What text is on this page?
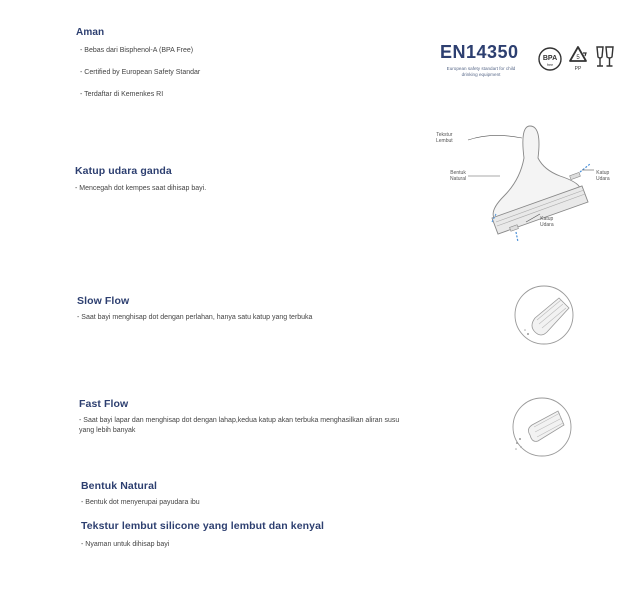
Aman
- Bebas dari Bisphenol-A (BPA Free)
- Certified by European Safety Standar
- Terdaftar di Kemenkes RI
EN14350
European safety standart for child drinking equipment
BPA
free
5
PP
Katup udara ganda
- Mencegah dot kempes saat dihisap bayi.
Tekstur
Lembut
Bentuk
Natural
Katup
Udara
Katup
Udara
Slow Flow
- Saat bayi menghisap dot dengan perlahan, hanya satu katup yang terbuka
Fast Flow
- Saat bayi lapar dan menghisap dot dengan lahap,kedua katup akan terbuka menghasilkan aliran susu yang lebih banyak
Bentuk Natural
- Bentuk dot menyerupai payudara ibu
Tekstur lembut silicone yang lembut dan kenyal
- Nyaman untuk dihisap bayi
